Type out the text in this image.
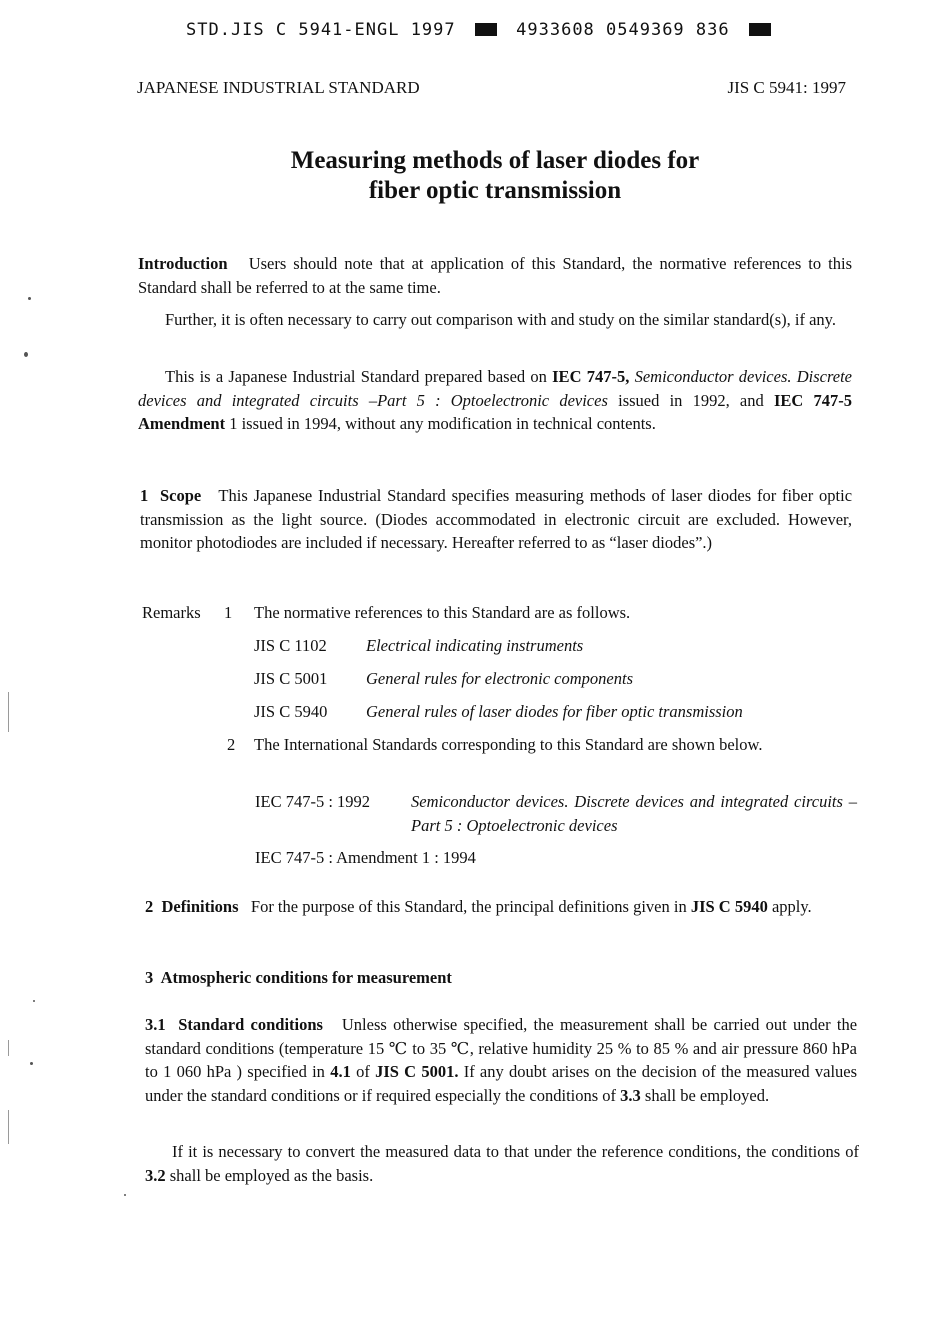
STD.JIS C 5941-ENGL 1997	4933608 0549369 836
JAPANESE INDUSTRIAL STANDARD	JIS C 5941: 1997
Measuring methods of laser diodes for
fiber optic transmission
Introduction Users should note that at application of this Standard, the normative references to this Standard shall be referred to at the same time.
Further, it is often necessary to carry out comparison with and study on the similar standard(s), if any.
This is a Japanese Industrial Standard prepared based on IEC 747-5, Semiconductor devices. Discrete devices and integrated circuits –Part 5 : Optoelectronic devices issued in 1992, and IEC 747-5 Amendment 1 issued in 1994, without any modification in technical contents.
1 Scope This Japanese Industrial Standard specifies measuring methods of laser diodes for fiber optic transmission as the light source. (Diodes accommodated in electronic circuit are excluded. However, monitor photodiodes are included if necessary. Hereafter referred to as “laser diodes”.)
Remarks 1 The normative references to this Standard are as follows.
JIS C 1102 Electrical indicating instruments
JIS C 5001 General rules for electronic components
JIS C 5940 General rules of laser diodes for fiber optic transmission
2 The International Standards corresponding to this Standard are shown below.
IEC 747-5 : 1992 Semiconductor devices. Discrete devices and integrated circuits – Part 5 : Optoelectronic devices
IEC 747-5 : Amendment 1 : 1994
2 Definitions For the purpose of this Standard, the principal definitions given in JIS C 5940 apply.
3 Atmospheric conditions for measurement
3.1 Standard conditions Unless otherwise specified, the measurement shall be carried out under the standard conditions (temperature 15 ℃ to 35 ℃, relative humidity 25 % to 85 % and air pressure 860 hPa to 1 060 hPa ) specified in 4.1 of JIS C 5001. If any doubt arises on the decision of the measured values under the standard conditions or if required especially the conditions of 3.3 shall be employed.
If it is necessary to convert the measured data to that under the reference conditions, the conditions of 3.2 shall be employed as the basis.
